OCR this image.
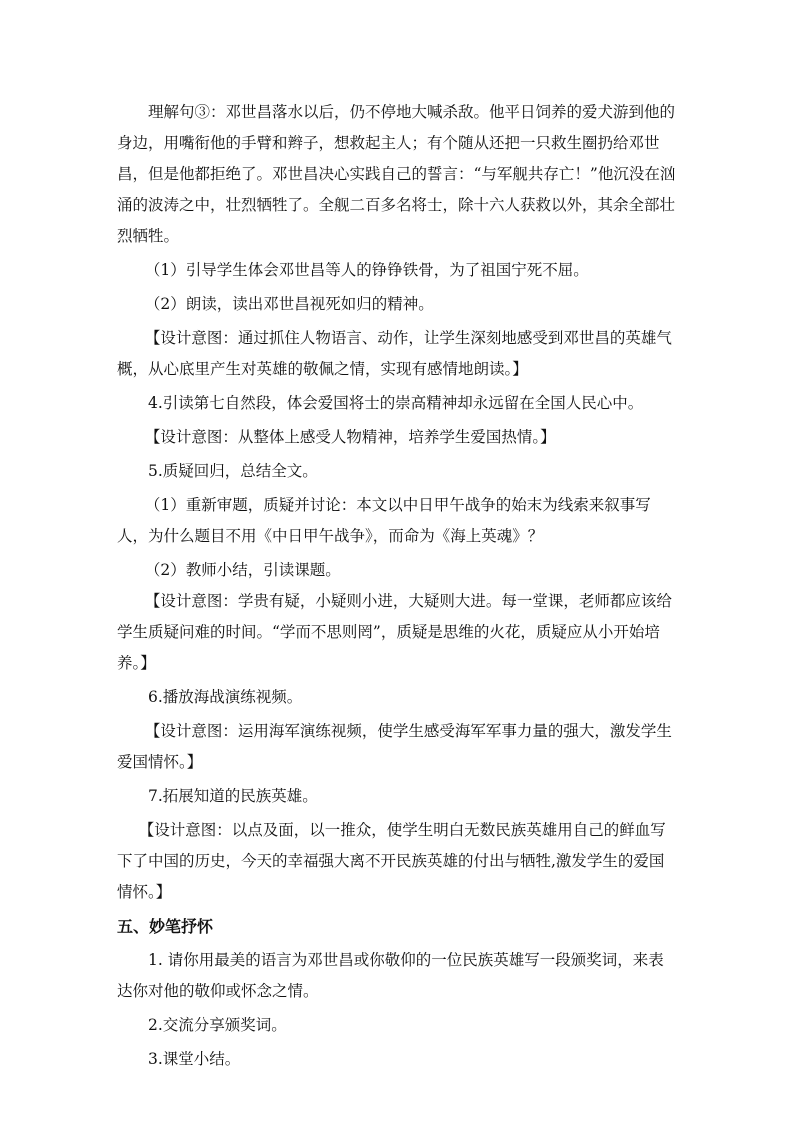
理解句③：邓世昌落水以后，仍不停地大喊杀敌。他平日饲养的爱犬游到他的身边，用嘴衔他的手臂和辫子，想救起主人；有个随从还把一只救生圈扔给邓世昌，但是他都拒绝了。邓世昌决心实践自己的誓言：“与军舰共存亡！”他沉没在汹涌的波涛之中，壮烈牺牲了。全舰二百多名将士，除十六人获救以外，其余全部壮烈牺牲。

（1）引导学生体会邓世昌等人的铮铮铁骨，为了祖国宁死不屈。

（2）朗读，读出邓世昌视死如归的精神。

【设计意图：通过抓住人物语言、动作，让学生深刻地感受到邓世昌的英雄气概，从心底里产生对英雄的敬佩之情，实现有感情地朗读。】

4.引读第七自然段，体会爱国将士的崇高精神却永远留在全国人民心中。

【设计意图：从整体上感受人物精神，培养学生爱国热情。】

5.质疑回归，总结全文。

（1）重新审题，质疑并讨论：本文以中日甲午战争的始末为线索来叙事写人，为什么题目不用《中日甲午战争》，而命为《海上英魂》？

（2）教师小结，引读课题。

【设计意图：学贵有疑，小疑则小进，大疑则大进。每一堂课，老师都应该给学生质疑问难的时间。“学而不思则罔”，质疑是思维的火花，质疑应从小开始培养。】

6.播放海战演练视频。

【设计意图：运用海军演练视频，使学生感受海军军事力量的强大，激发学生爱国情怀。】

7.拓展知道的民族英雄。

【设计意图：以点及面，以一推众，使学生明白无数民族英雄用自己的鲜血写下了中国的历史，今天的幸福强大离不开民族英雄的付出与牺牲,激发学生的爱国情怀。】

五、妙笔抒怀

1. 请你用最美的语言为邓世昌或你敬仰的一位民族英雄写一段颁奖词，来表达你对他的敬仰或怀念之情。

2.交流分享颁奖词。

3.课堂小结。
